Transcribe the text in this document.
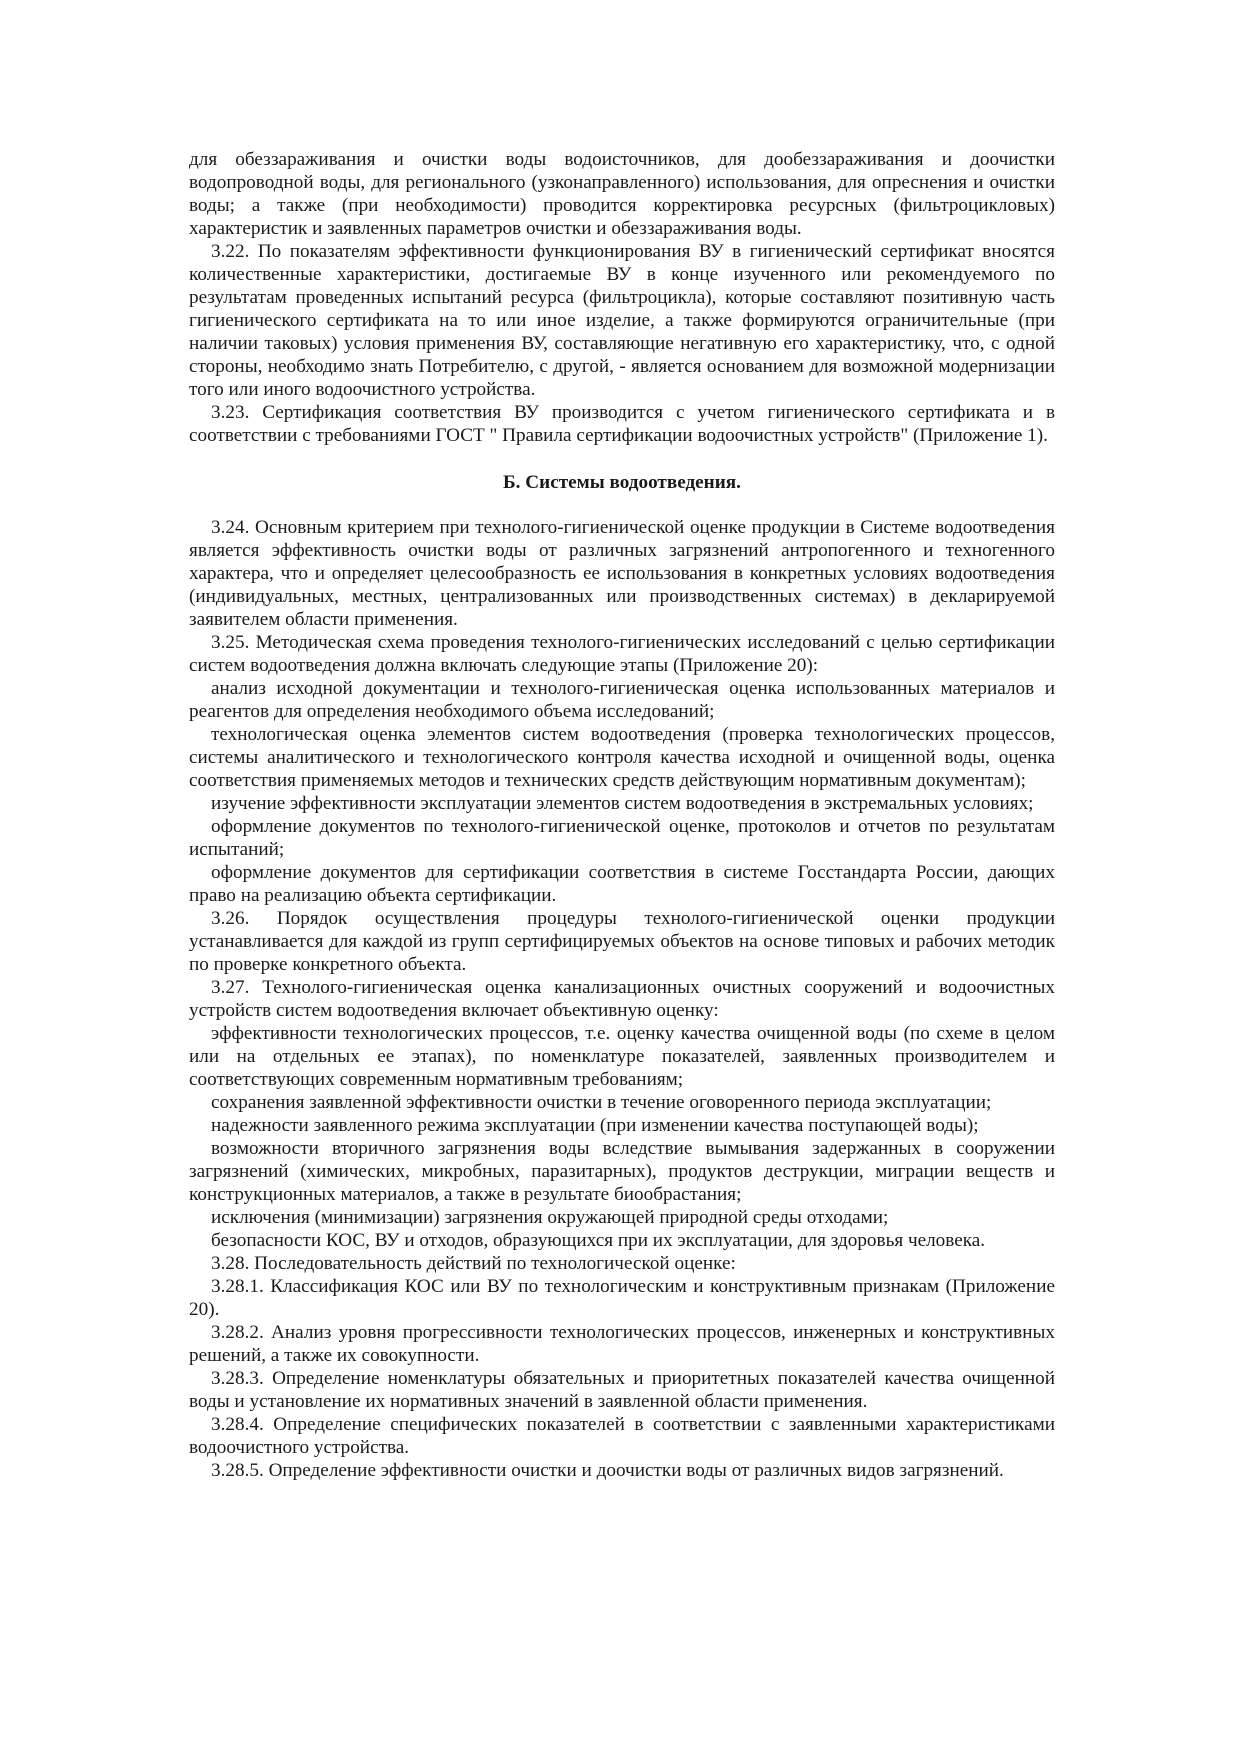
для обеззараживания и очистки воды водоисточников, для дообеззараживания и доочистки водопроводной воды, для регионального (узконаправленного) использования, для опреснения и очистки воды; а также (при необходимости) проводится корректировка ресурсных (фильтроцикловых) характеристик и заявленных параметров очистки и обеззараживания воды.

3.22. По показателям эффективности функционирования ВУ в гигиенический сертификат вносятся количественные характеристики, достигаемые ВУ в конце изученного или рекомендуемого по результатам проведенных испытаний ресурса (фильтроцикла), которые составляют позитивную часть гигиенического сертификата на то или иное изделие, а также формируются ограничительные (при наличии таковых) условия применения ВУ, составляющие негативную его характеристику, что, с одной стороны, необходимо знать Потребителю, с другой, - является основанием для возможной модернизации того или иного водоочистного устройства.

3.23. Сертификация соответствия ВУ производится с учетом гигиенического сертификата и в соответствии с требованиями ГОСТ " Правила сертификации водоочистных устройств" (Приложение 1).

Б. Системы водоотведения.

3.24. Основным критерием при технолого-гигиенической оценке продукции в Системе водоотведения является эффективность очистки воды от различных загрязнений антропогенного и техногенного характера, что и определяет целесообразность ее использования в конкретных условиях водоотведения (индивидуальных, местных, централизованных или производственных системах) в декларируемой заявителем области применения.

3.25. Методическая схема проведения технолого-гигиенических исследований с целью сертификации систем водоотведения должна включать следующие этапы (Приложение 20):

анализ исходной документации и технолого-гигиеническая оценка использованных материалов и реагентов для определения необходимого объема исследований;

технологическая оценка элементов систем водоотведения (проверка технологических процессов, системы аналитического и технологического контроля качества исходной и очищенной воды, оценка соответствия применяемых методов и технических средств действующим нормативным документам);

изучение эффективности эксплуатации элементов систем водоотведения в экстремальных условиях;

оформление документов по технолого-гигиенической оценке, протоколов и отчетов по результатам испытаний;

оформление документов для сертификации соответствия в системе Госстандарта России, дающих право на реализацию объекта сертификации.

3.26. Порядок осуществления процедуры технолого-гигиенической оценки продукции устанавливается для каждой из групп сертифицируемых объектов на основе типовых и рабочих методик по проверке конкретного объекта.

3.27. Технолого-гигиеническая оценка канализационных очистных сооружений и водоочистных устройств систем водоотведения включает объективную оценку:

эффективности технологических процессов, т.е. оценку качества очищенной воды (по схеме в целом или на отдельных ее этапах), по номенклатуре показателей, заявленных производителем и соответствующих современным нормативным требованиям;

сохранения заявленной эффективности очистки в течение оговоренного периода эксплуатации;

надежности заявленного режима эксплуатации (при изменении качества поступающей воды);

возможности вторичного загрязнения воды вследствие вымывания задержанных в сооружении загрязнений (химических, микробных, паразитарных), продуктов деструкции, миграции веществ и конструкционных материалов, а также в результате биообрастания;

исключения (минимизации) загрязнения окружающей природной среды отходами;

безопасности КОС, ВУ и отходов, образующихся при их эксплуатации, для здоровья человека.

3.28. Последовательность действий по технологической оценке:

3.28.1. Классификация КОС или ВУ по технологическим и конструктивным признакам (Приложение 20).

3.28.2. Анализ уровня прогрессивности технологических процессов, инженерных и конструктивных решений, а также их совокупности.

3.28.3. Определение номенклатуры обязательных и приоритетных показателей качества очищенной воды и установление их нормативных значений в заявленной области применения.

3.28.4. Определение специфических показателей в соответствии с заявленными характеристиками водоочистного устройства.

3.28.5. Определение эффективности очистки и доочистки воды от различных видов загрязнений.
